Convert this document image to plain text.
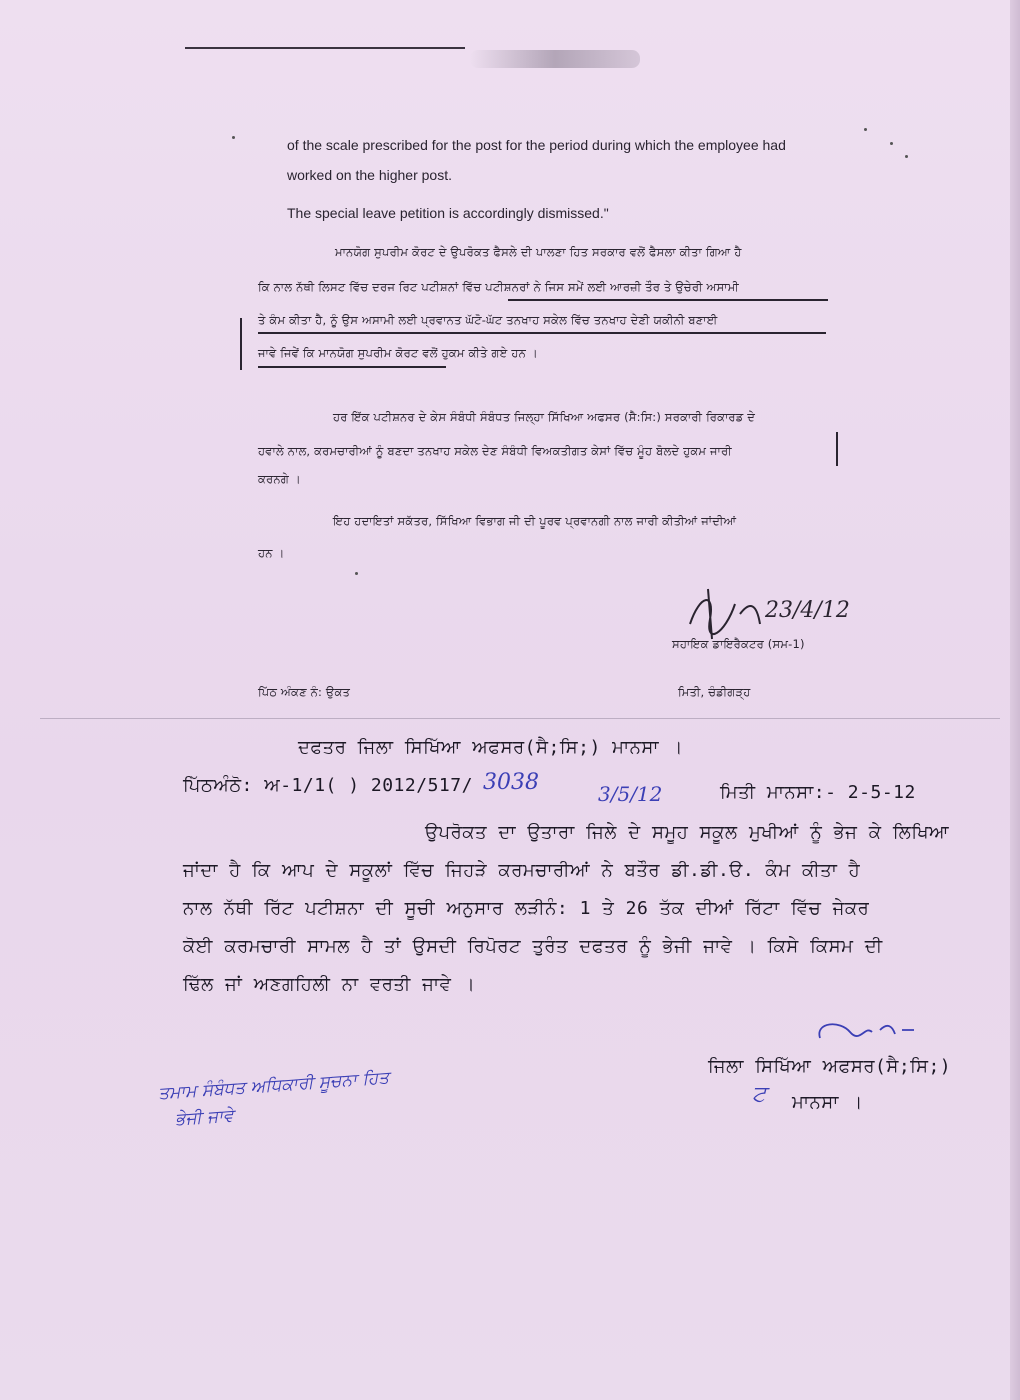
of the scale prescribed for the post for the period during which the employee had
worked on the higher post.
The special leave petition is accordingly dismissed."
ਮਾਨਯੋਗ ਸੁਪਰੀਮ ਕੋਰਟ ਦੇ ਉਪਰੋਕਤ ਫੈਸਲੇ ਦੀ ਪਾਲਣਾ ਹਿਤ ਸਰਕਾਰ ਵਲੋਂ ਫੈਸਲਾ ਕੀਤਾ ਗਿਆ ਹੈ
ਕਿ ਨਾਲ ਨੱਥੀ ਲਿਸਟ ਵਿੱਚ ਦਰਜ ਰਿਟ ਪਟੀਸ਼ਨਾਂ ਵਿੱਚ ਪਟੀਸ਼ਨਰਾਂ ਨੇ ਜਿਸ ਸਮੇਂ ਲਈ ਆਰਜ਼ੀ ਤੌਰ ਤੇ ਉਚੇਰੀ ਅਸਾਮੀ
ਤੇ ਕੰਮ ਕੀਤਾ ਹੈ, ਨੂੰ ਉਸ ਅਸਾਮੀ ਲਈ ਪ੍ਰਵਾਨਤ ਘੱਟੋ-ਘੱਟ ਤਨਖਾਹ ਸਕੇਲ ਵਿੱਚ ਤਨਖਾਹ ਦੇਣੀ ਯਕੀਨੀ ਬਣਾਈ
ਜਾਵੇ ਜਿਵੇਂ ਕਿ ਮਾਨਯੋਗ ਸੁਪਰੀਮ ਕੋਰਟ ਵਲੋਂ ਹੁਕਮ ਕੀਤੇ ਗਏ ਹਨ ।
ਹਰ ਇੱਕ ਪਟੀਸ਼ਨਰ ਦੇ ਕੇਸ ਸੰਬੰਧੀ ਸੰਬੰਧਤ ਜਿਲ੍ਹਾ ਸਿੱਖਿਆ ਅਫਸਰ (ਸੈ:ਸਿ:) ਸਰਕਾਰੀ ਰਿਕਾਰਡ ਦੇ
ਹਵਾਲੇ ਨਾਲ, ਕਰਮਚਾਰੀਆਂ ਨੂੰ ਬਣਦਾ ਤਨਖਾਹ ਸਕੇਲ ਦੇਣ ਸੰਬੰਧੀ ਵਿਅਕਤੀਗਤ ਕੇਸਾਂ ਵਿੱਚ ਮੂੰਹ ਬੋਲਦੇ ਹੁਕਮ ਜਾਰੀ
ਕਰਨਗੇ ।
ਇਹ ਹਦਾਇਤਾਂ ਸਕੱਤਰ, ਸਿੱਖਿਆ ਵਿਭਾਗ ਜੀ ਦੀ ਪੂਰਵ ਪ੍ਰਵਾਨਗੀ ਨਾਲ ਜਾਰੀ ਕੀਤੀਆਂ ਜਾਂਦੀਆਂ
ਹਨ ।
23/4/12
ਸਹਾਇਕ ਡਾਇਰੈਕਟਰ (ਸਮ-1)
ਪਿੱਠ ਅੰਕਣ ਨੰ: ਉਕਤ	ਮਿਤੀ, ਚੰਡੀਗੜ੍ਹ
ਦਫਤਰ ਜਿਲਾ ਸਿਖਿੱਆ ਅਫਸਰ(ਸੈ;ਸਿ;) ਮਾਨਸਾ ।
ਪਿੱਠਅੰਠੋ: ਅ-1/1( ) 2012/517/ 3038	3/5/12	ਮਿਤੀ ਮਾਨਸਾ:- 2-5-12
ਉਪਰੋਕਤ ਦਾ ਉਤਾਰਾ ਜਿਲੇ ਦੇ ਸਮੂਹ ਸਕੂਲ ਮੁਖੀਆਂ ਨੂੰ ਭੇਜ ਕੇ ਲਿਖਿਆ
ਜਾਂਦਾ ਹੈ ਕਿ ਆਪ ਦੇ ਸਕੂਲਾਂ ਵਿੱਚ ਜਿਹੜੇ ਕਰਮਚਾਰੀਆਂ ਨੇ ਬਤੌਰ ਡੀ.ਡੀ.ੳ. ਕੰਮ ਕੀਤਾ ਹੈ
ਨਾਲ ਨੱਥੀ ਰਿੱਟ ਪਟੀਸ਼ਨਾ ਦੀ ਸੂਚੀ ਅਨੁਸਾਰ ਲੜੀਨੰ: 1 ਤੇ 26 ਤੱਕ ਦੀਆਂ ਰਿੱਟਾ ਵਿੱਚ ਜੇਕਰ
ਕੋਈ ਕਰਮਚਾਰੀ ਸਾਮਲ ਹੈ ਤਾਂ ਉਸਦੀ ਰਿਪੋਰਟ ਤੁਰੰਤ ਦਫਤਰ ਨੂੰ ਭੇਜੀ ਜਾਵੇ । ਕਿਸੇ ਕਿਸਮ ਦੀ
ਢਿੱਲ ਜਾਂ ਅਣਗਹਿਲੀ ਨਾ ਵਰਤੀ ਜਾਵੇ ।
ਜਿਲਾ ਸਿਖਿੱਆ ਅਫਸਰ(ਸੈ;ਸਿ;)
ਮਾਨਸਾ ।
ਟ
ਤਮਾਮ ਸੰਬੰਧਤ ਅਧਿਕਾਰੀ ਸੂਚਨਾ ਹਿਤ
ਭੇਜੀ ਜਾਵੇ
